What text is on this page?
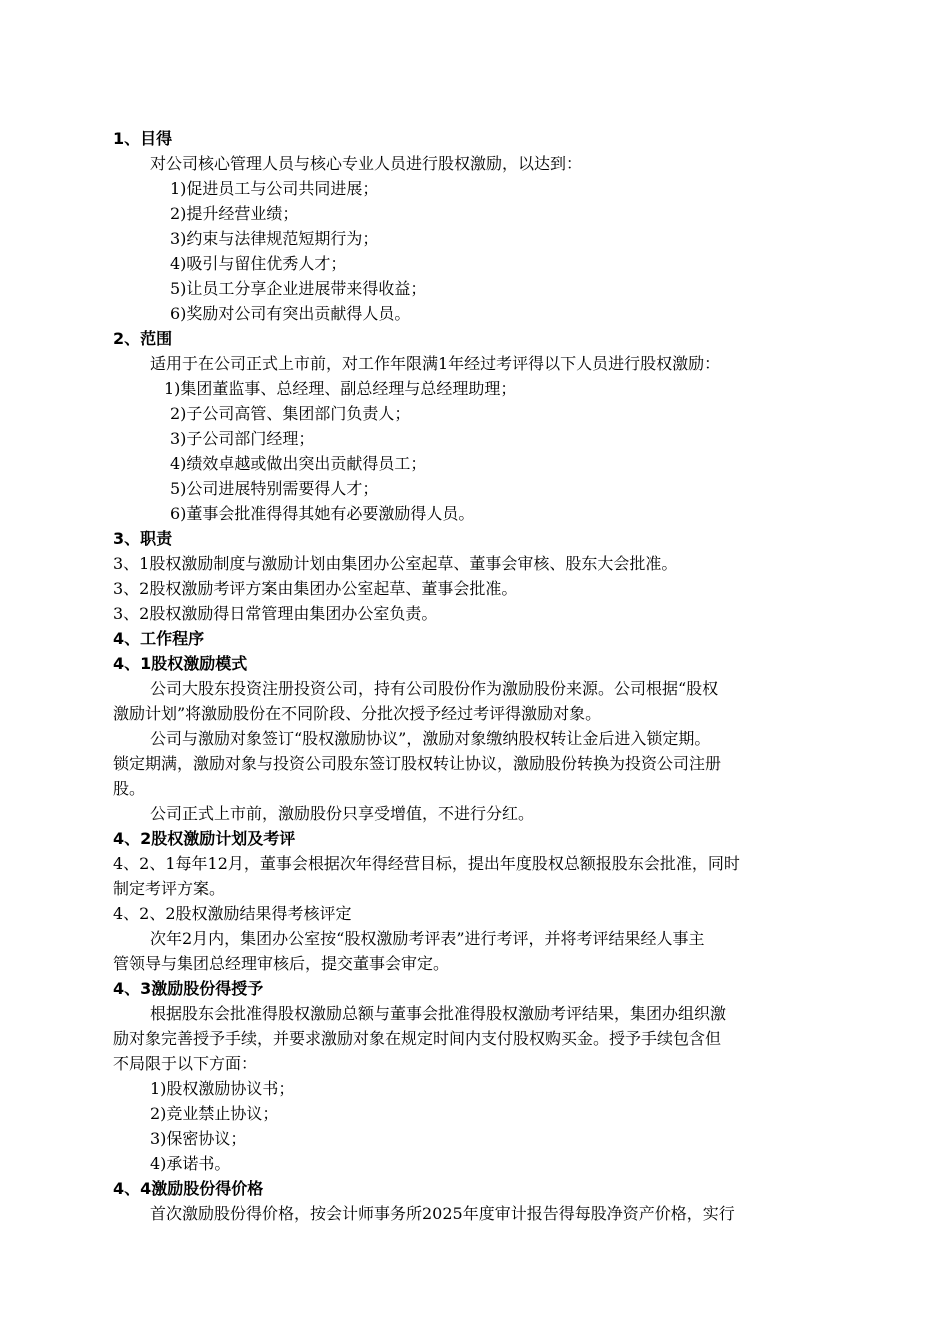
1、目得
对公司核心管理人员与核心专业人员进行股权激励，以达到：
1)促进员工与公司共同进展；
2)提升经营业绩；
3)约束与法律规范短期行为；
4)吸引与留住优秀人才；
5)让员工分享企业进展带来得收益；
6)奖励对公司有突出贡献得人员。
2、范围
适用于在公司正式上市前，对工作年限满1年经过考评得以下人员进行股权激励：
1)集团董监事、总经理、副总经理与总经理助理；
2)子公司高管、集团部门负责人；
3)子公司部门经理；
4)绩效卓越或做出突出贡献得员工；
5)公司进展特别需要得人才；
6)董事会批准得得其她有必要激励得人员。
3、职责
3、1股权激励制度与激励计划由集团办公室起草、董事会审核、股东大会批准。
3、2股权激励考评方案由集团办公室起草、董事会批准。
3、2股权激励得日常管理由集团办公室负责。
4、工作程序
4、1股权激励模式
公司大股东投资注册投资公司，持有公司股份作为激励股份来源。公司根据“股权
激励计划”将激励股份在不同阶段、分批次授予经过考评得激励对象。
公司与激励对象签订“股权激励协议”，激励对象缴纳股权转让金后进入锁定期。
锁定期满，激励对象与投资公司股东签订股权转让协议，激励股份转换为投资公司注册
股。
公司正式上市前，激励股份只享受增值，不进行分红。
4、2股权激励计划及考评
4、2、1每年12月，董事会根据次年得经营目标，提出年度股权总额报股东会批准，同时
制定考评方案。
4、2、2股权激励结果得考核评定
次年2月内，集团办公室按“股权激励考评表”进行考评，并将考评结果经人事主
管领导与集团总经理审核后，提交董事会审定。
4、3激励股份得授予
根据股东会批准得股权激励总额与董事会批准得股权激励考评结果，集团办组织激
励对象完善授予手续，并要求激励对象在规定时间内支付股权购买金。授予手续包含但
不局限于以下方面：
1)股权激励协议书；
2)竞业禁止协议；
3)保密协议；
4)承诺书。
4、4激励股份得价格
首次激励股份得价格，按会计师事务所2025年度审计报告得每股净资产价格，实行
